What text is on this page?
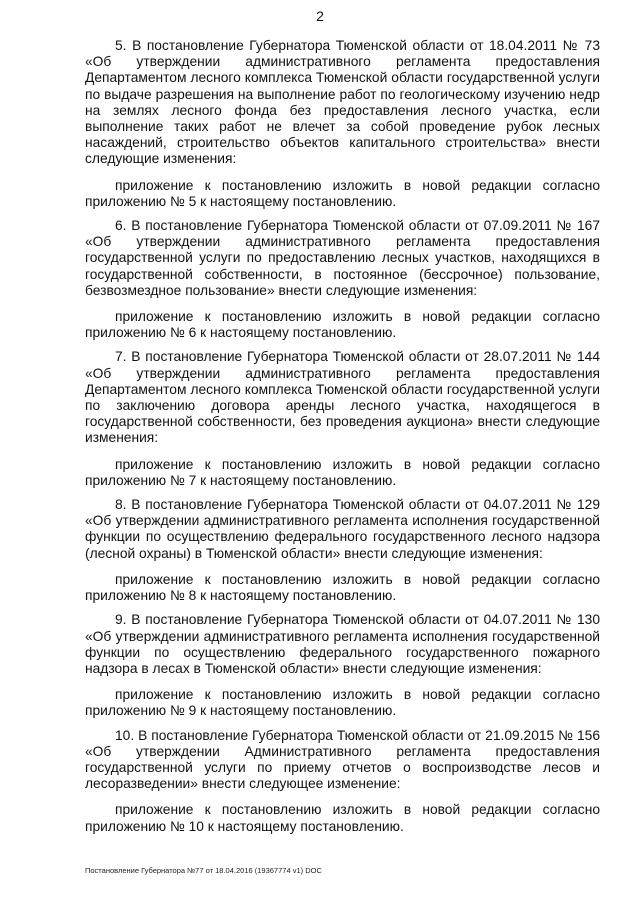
2

5. В постановление Губернатора Тюменской области от 18.04.2011 № 73 «Об утверждении административного регламента предоставления Департаментом лесного комплекса Тюменской области государственной услуги по выдаче разрешения на выполнение работ по геологическому изучению недр на землях лесного фонда без предоставления лесного участка, если выполнение таких работ не влечет за собой проведение рубок лесных насаждений, строительство объектов капитального строительства» внести следующие изменения:

приложение к постановлению изложить в новой редакции согласно приложению № 5 к настоящему постановлению.

6. В постановление Губернатора Тюменской области от 07.09.2011 № 167 «Об утверждении административного регламента предоставления государственной услуги по предоставлению лесных участков, находящихся в государственной собственности, в постоянное (бессрочное) пользование, безвозмездное пользование» внести следующие изменения:

приложение к постановлению изложить в новой редакции согласно приложению № 6 к настоящему постановлению.

7. В постановление Губернатора Тюменской области от 28.07.2011 № 144 «Об утверждении административного регламента предоставления Департаментом лесного комплекса Тюменской области государственной услуги по заключению договора аренды лесного участка, находящегося в государственной собственности, без проведения аукциона» внести следующие изменения:

приложение к постановлению изложить в новой редакции согласно приложению № 7 к настоящему постановлению.

8. В постановление Губернатора Тюменской области от 04.07.2011 № 129 «Об утверждении административного регламента исполнения государственной функции по осуществлению федерального государственного лесного надзора (лесной охраны) в Тюменской области» внести следующие изменения:

приложение к постановлению изложить в новой редакции согласно приложению № 8 к настоящему постановлению.

9. В постановление Губернатора Тюменской области от 04.07.2011 № 130 «Об утверждении административного регламента исполнения государственной функции по осуществлению федерального государственного пожарного надзора в лесах в Тюменской области» внести следующие изменения:

приложение к постановлению изложить в новой редакции согласно приложению № 9 к настоящему постановлению.

10. В постановление Губернатора Тюменской области от 21.09.2015 № 156 «Об утверждении Административного регламента предоставления государственной услуги по приему отчетов о воспроизводстве лесов и лесоразведении» внести следующее изменение:

приложение к постановлению изложить в новой редакции согласно приложению № 10 к настоящему постановлению.

Постановление Губернатора №77 от 18.04.2016 (19367774 v1) DOC
